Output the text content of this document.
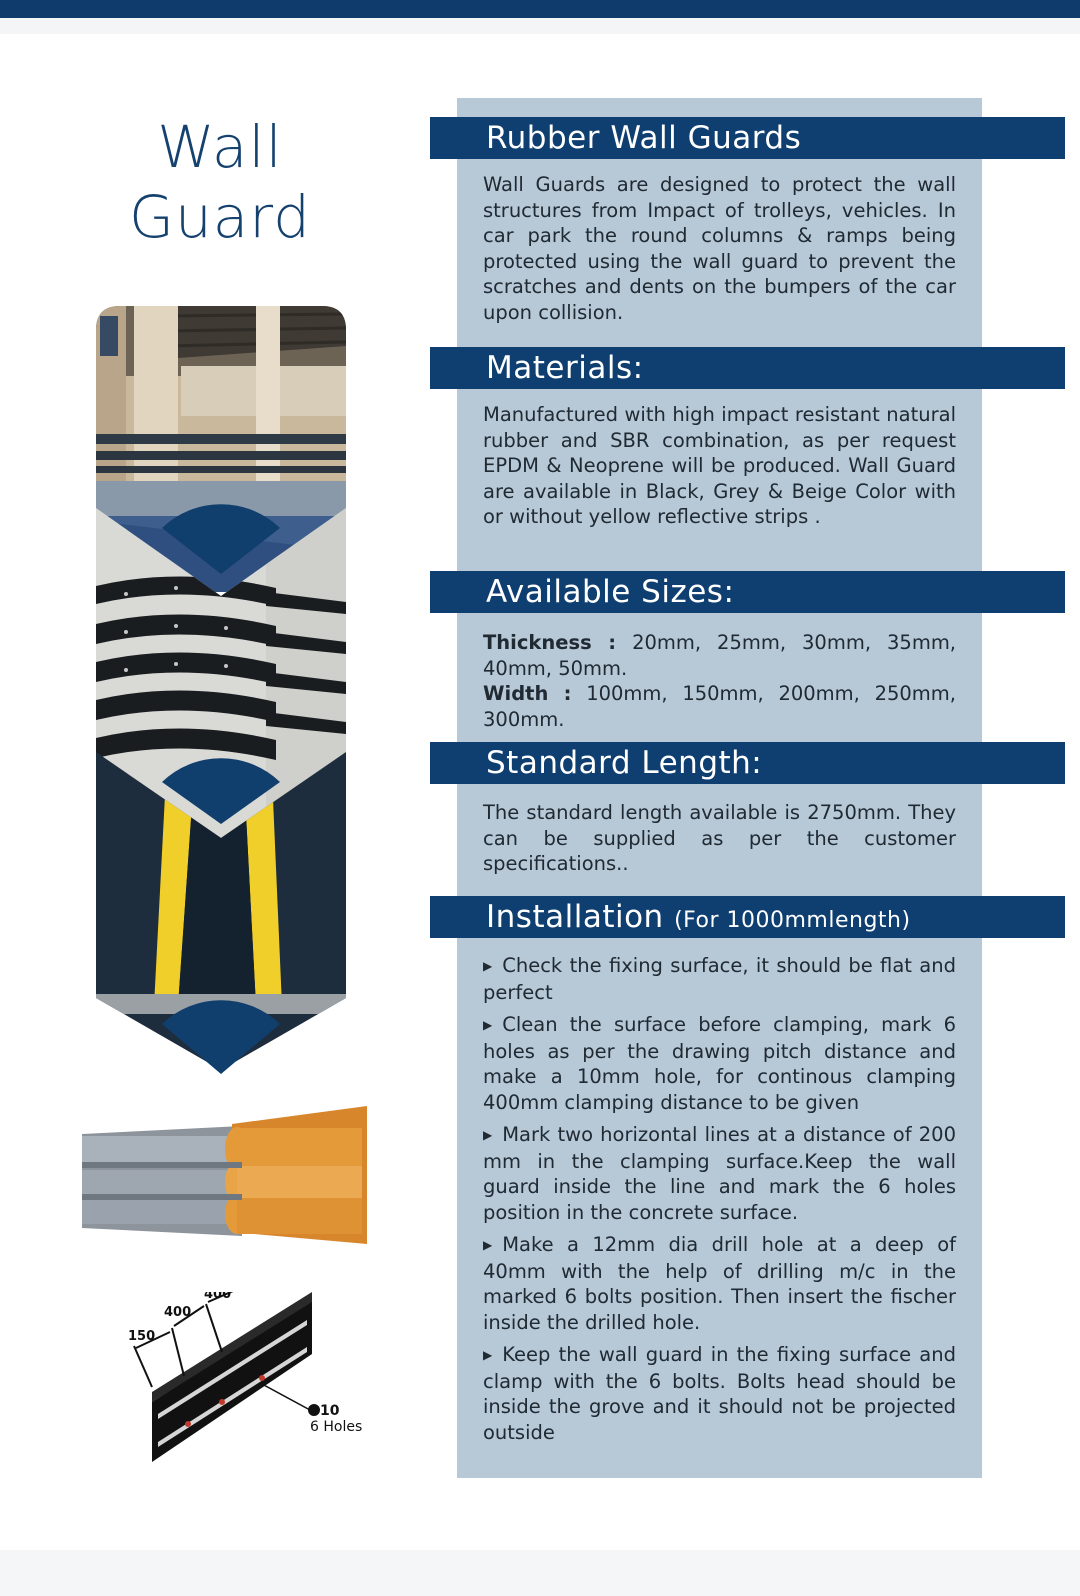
Wall
Guard
150
400
400
10
6 Holes
Rubber Wall Guards
Wall Guards are designed to protect the wall structures from Impact of trolleys, vehicles. In car park the round columns & ramps being protected using the wall guard to prevent the scratches and dents on the bumpers of the car upon collision.
Materials:
Manufactured with high impact resistant natural rubber and SBR combination, as per request EPDM & Neoprene will be produced. Wall Guard are available in Black, Grey & Beige Color with or without yellow reflective strips .
Available Sizes:
Thickness : 20mm, 25mm, 30mm, 35mm, 40mm, 50mm.
Width : 100mm, 150mm, 200mm, 250mm, 300mm.
Standard Length:
The standard length available is 2750mm. They can be supplied as per the customer specifications..
Installation (For 1000mmlength)
▶ Check the fixing surface, it should be flat and perfect
▶ Clean the surface before clamping, mark 6 holes as per the drawing pitch distance and make a 10mm hole, for continous clamping 400mm clamping distance to be given
▶ Mark two horizontal lines at a distance of 200 mm in the clamping surface.Keep the wall guard inside the line and mark the 6 holes position in the concrete surface.
▶ Make a 12mm dia drill hole at a deep of 40mm with the help of drilling m/c in the marked 6 bolts position. Then insert the fischer inside the drilled hole.
▶ Keep the wall guard in the fixing surface and clamp with the 6 bolts. Bolts head should be inside the grove and it should not be projected outside
